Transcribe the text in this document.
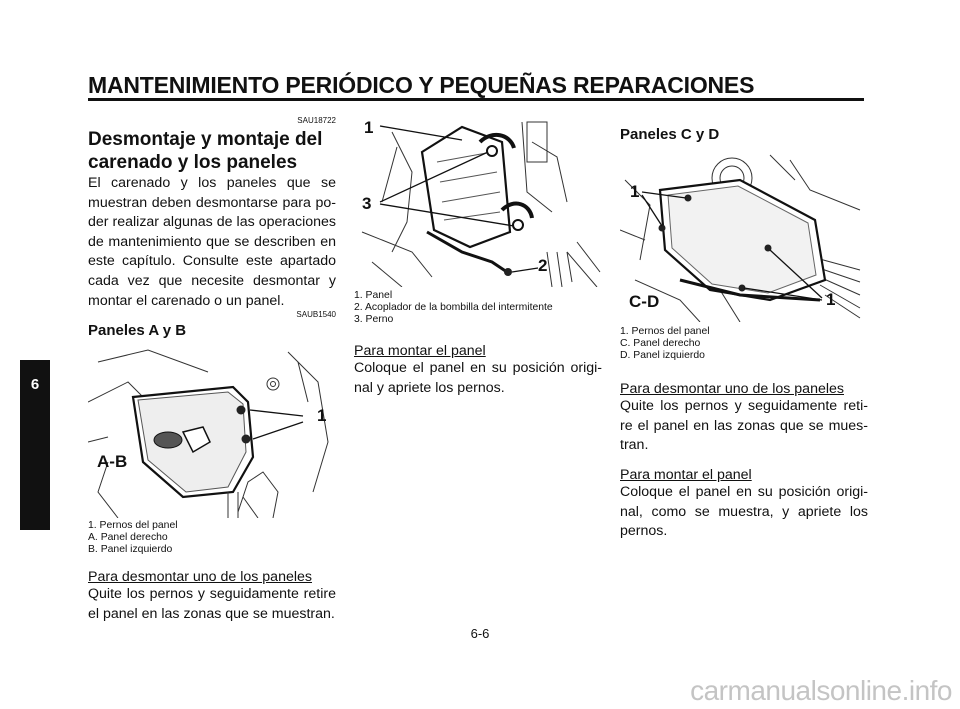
MANTENIMIENTO PERIÓDICO Y PEQUEÑAS REPARACIONES
6
SAU18722
Desmontaje y montaje del
carenado y los paneles
El carenado y los paneles que se muestran deben desmontarse para po-der realizar algunas de las operaciones de mantenimiento que se describen en este capítulo. Consulte este apartado cada vez que necesite desmontar y montar el carenado o un panel.
SAUB1540
Paneles A y B
1
A-B
1. Pernos del panel
A. Panel derecho
B. Panel izquierdo
Para desmontar uno de los paneles
Quite los pernos y seguidamente retire el panel en las zonas que se muestran.
1
3
2
1. Panel
2. Acoplador de la bombilla del intermitente
3. Perno
Para montar el panel
Coloque el panel en su posición origi-nal y apriete los pernos.
Paneles C y D
1
C-D	1
1. Pernos del panel
C. Panel derecho
D. Panel izquierdo
Para desmontar uno de los paneles
Quite los pernos y seguidamente reti-re el panel en las zonas que se mues-tran.
Para montar el panel
Coloque el panel en su posición origi-nal, como se muestra, y apriete los pernos.
6-6
carmanualsonline.info
